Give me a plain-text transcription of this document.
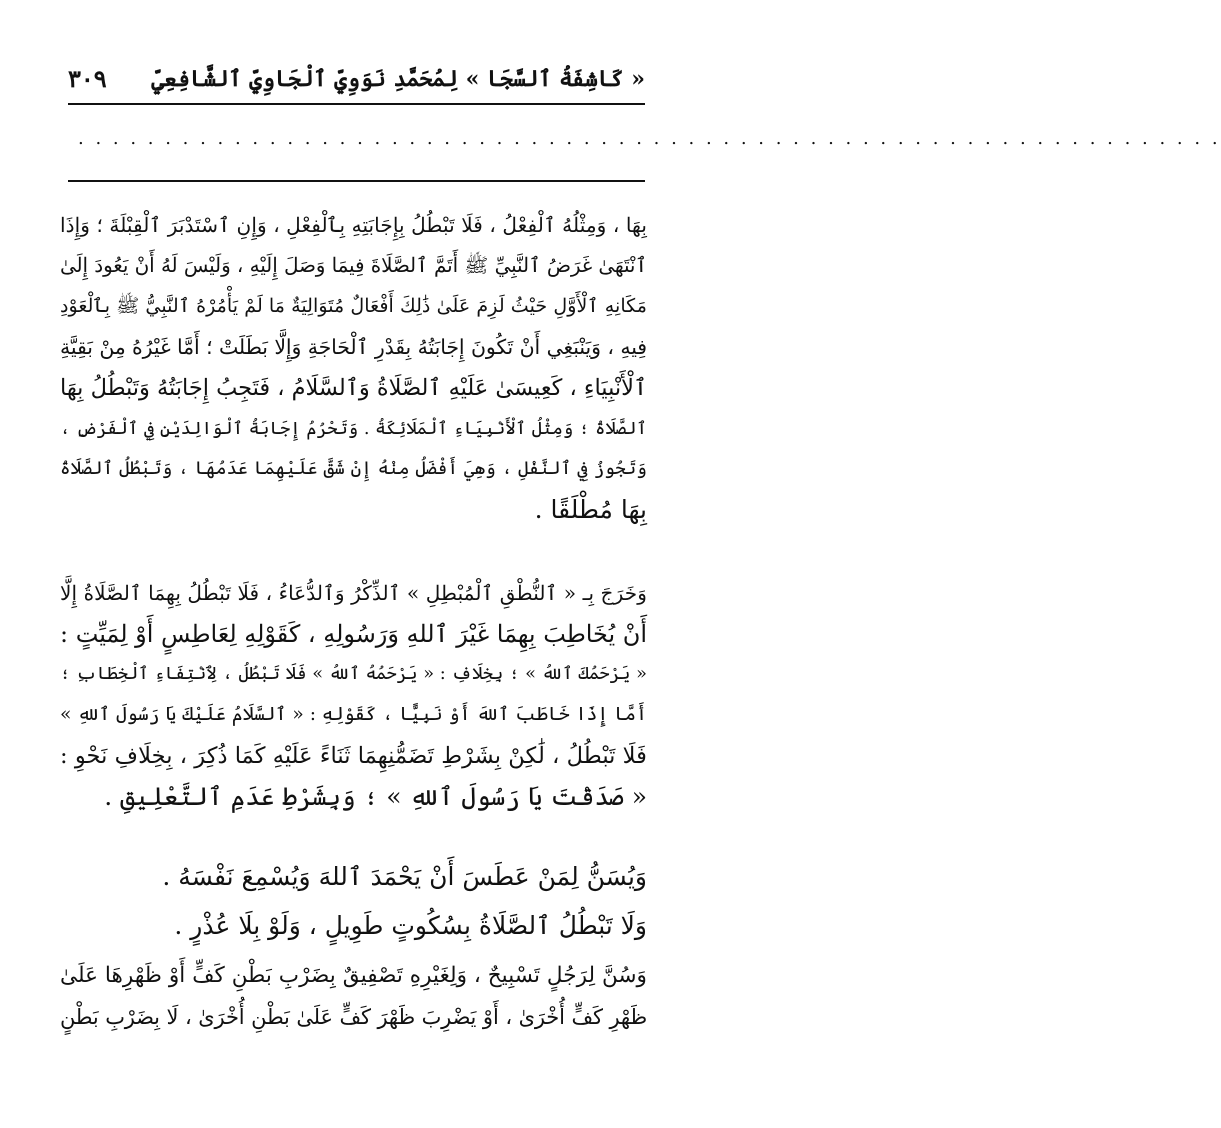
« كَاشِفَةُ ٱلسَّجَا » لِمُحَمَّدِ نَوَوِيِّ ٱلْجَاوِيِّ ٱلشَّافِعِيِّ
٣٠٩
. . . . . . . . . . . . . . . . . . . . . . . . . . . . . . . . . . . . . . . . . . . . . . . . . . . . . . . . . . . . . . . . . .
بِهَا ، وَمِثْلُهُ ٱلْفِعْلُ ، فَلَا تَبْطُلُ بِإِجَابَتِهِ بِٱلْفِعْلِ ، وَإِنِ ٱسْتَدْبَرَ ٱلْقِبْلَةَ ؛ وَإِذَا
ٱنْتَهَىٰ غَرَضُ ٱلنَّبِيِّ ﷺ أَتَمَّ ٱلصَّلَاةَ فِيمَا وَصَلَ إِلَيْهِ ، وَلَيْسَ لَهُ أَنْ يَعُودَ إِلَىٰ
مَكَانِهِ ٱلْأَوَّلِ حَيْثُ لَزِمَ عَلَىٰ ذَٰلِكَ أَفْعَالٌ مُتَوَالِيَةٌ مَا لَمْ يَأْمُرْهُ ٱلنَّبِيُّ ﷺ بِٱلْعَوْدِ
فِيهِ ، وَيَنْبَغِي أَنْ تَكُونَ إِجَابَتُهُ بِقَدْرِ ٱلْحَاجَةِ وَإِلَّا بَطَلَتْ ؛ أَمَّا غَيْرُهُ مِنْ بَقِيَّةِ
ٱلْأَنْبِيَاءِ ، كَعِيسَىٰ عَلَيْهِ ٱلصَّلَاةُ وَٱلسَّلَامُ ، فَتَجِبُ إِجَابَتُهُ وَتَبْطُلُ بِهَا
ٱلصَّلَاةُ ؛ وَمِثْلُ ٱلْأَنْبِيَاءِ ٱلْمَلَائِكَةُ . وَتَحْرُمُ إِجَابَةُ ٱلْوَالِدَيْنِ فِي ٱلْفَرْضِ ،
وَتَجُوزُ فِي ٱلنَّفْلِ ، وَهِيَ أَفْضَلُ مِنْهُ إِنْ شَقَّ عَلَيْهِمَا عَدَمُهَا ، وَتَبْطُلُ ٱلصَّلَاةُ
بِهَا مُطْلَقًا .
وَخَرَجَ بِـ « ٱلنُّطْقِ ٱلْمُبْطِلِ » ٱلذِّكْرُ وَٱلدُّعَاءُ ، فَلَا تَبْطُلُ بِهِمَا ٱلصَّلَاةُ إِلَّا
أَنْ يُخَاطِبَ بِهِمَا غَيْرَ ٱللهِ وَرَسُولِهِ ، كَقَوْلِهِ لِعَاطِسٍ أَوْ لِمَيِّتٍ :
« يَرْحَمُكَ ٱللهُ » ؛ بِخِلَافِ : « يَرْحَمُهُ ٱللهُ » فَلَا تَبْطُلُ ، لِٱنْتِفَاءِ ٱلْخِطَابِ ؛
أَمَّا إِذَا خَاطَبَ ٱللهَ أَوْ نَبِيًّا ، كَقَوْلِهِ : « ٱلسَّلَامُ عَلَيْكَ يَا رَسُولَ ٱللهِ »
فَلَا تَبْطُلُ ، لَٰكِنْ بِشَرْطِ تَضَمُّنِهِمَا ثَنَاءً عَلَيْهِ كَمَا ذُكِرَ ، بِخِلَافِ نَحْوِ :
« صَدَقْتَ يَا رَسُولَ ٱللهِ » ؛ وَبِشَرْطِ عَدَمِ ٱلتَّعْلِيقِ .
وَيُسَنُّ لِمَنْ عَطَسَ أَنْ يَحْمَدَ ٱللهَ وَيُسْمِعَ نَفْسَهُ .
وَلَا تَبْطُلُ ٱلصَّلَاةُ بِسُكُوتٍ طَوِيلٍ ، وَلَوْ بِلَا عُذْرٍ .
وَسُنَّ لِرَجُلٍ تَسْبِيحٌ ، وَلِغَيْرِهِ تَصْفِيقٌ بِضَرْبِ بَطْنِ كَفٍّ أَوْ ظَهْرِهَا عَلَىٰ
ظَهْرِ كَفٍّ أُخْرَىٰ ، أَوْ يَضْرِبَ ظَهْرَ كَفٍّ عَلَىٰ بَطْنِ أُخْرَىٰ ، لَا بِضَرْبِ بَطْنٍ
